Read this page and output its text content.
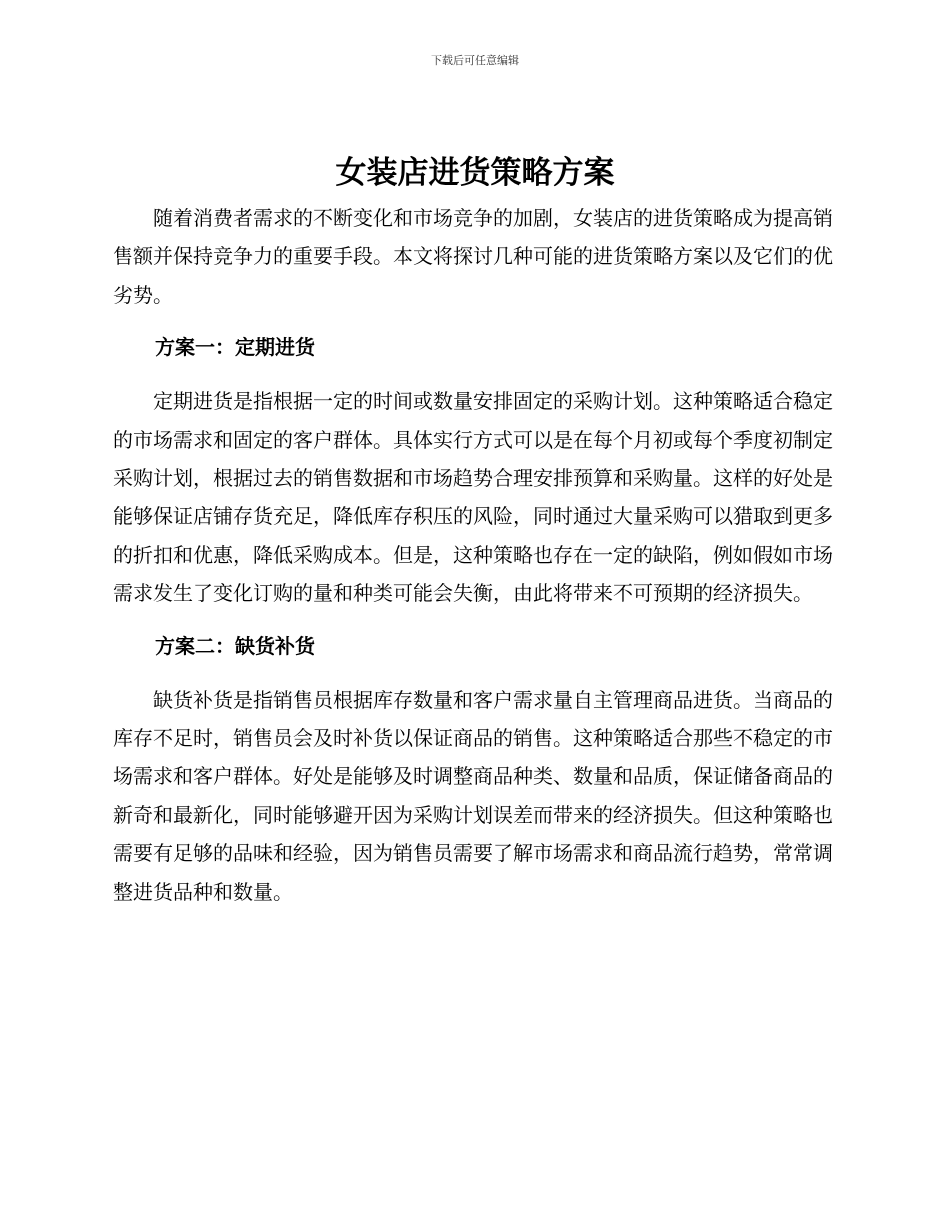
下载后可任意编辑
女装店进货策略方案

随着消费者需求的不断变化和市场竞争的加剧，女装店的进货策略成为提高销售额并保持竞争力的重要手段。本文将探讨几种可能的进货策略方案以及它们的优劣势。

方案一：定期进货

定期进货是指根据一定的时间或数量安排固定的采购计划。这种策略适合稳定的市场需求和固定的客户群体。具体实行方式可以是在每个月初或每个季度初制定采购计划，根据过去的销售数据和市场趋势合理安排预算和采购量。这样的好处是能够保证店铺存货充足，降低库存积压的风险，同时通过大量采购可以猎取到更多的折扣和优惠，降低采购成本。但是，这种策略也存在一定的缺陷，例如假如市场需求发生了变化订购的量和种类可能会失衡，由此将带来不可预期的经济损失。

方案二：缺货补货

缺货补货是指销售员根据库存数量和客户需求量自主管理商品进货。当商品的库存不足时，销售员会及时补货以保证商品的销售。这种策略适合那些不稳定的市场需求和客户群体。好处是能够及时调整商品种类、数量和品质，保证储备商品的新奇和最新化，同时能够避开因为采购计划误差而带来的经济损失。但这种策略也需要有足够的品味和经验，因为销售员需要了解市场需求和商品流行趋势，常常调整进货品种和数量。
